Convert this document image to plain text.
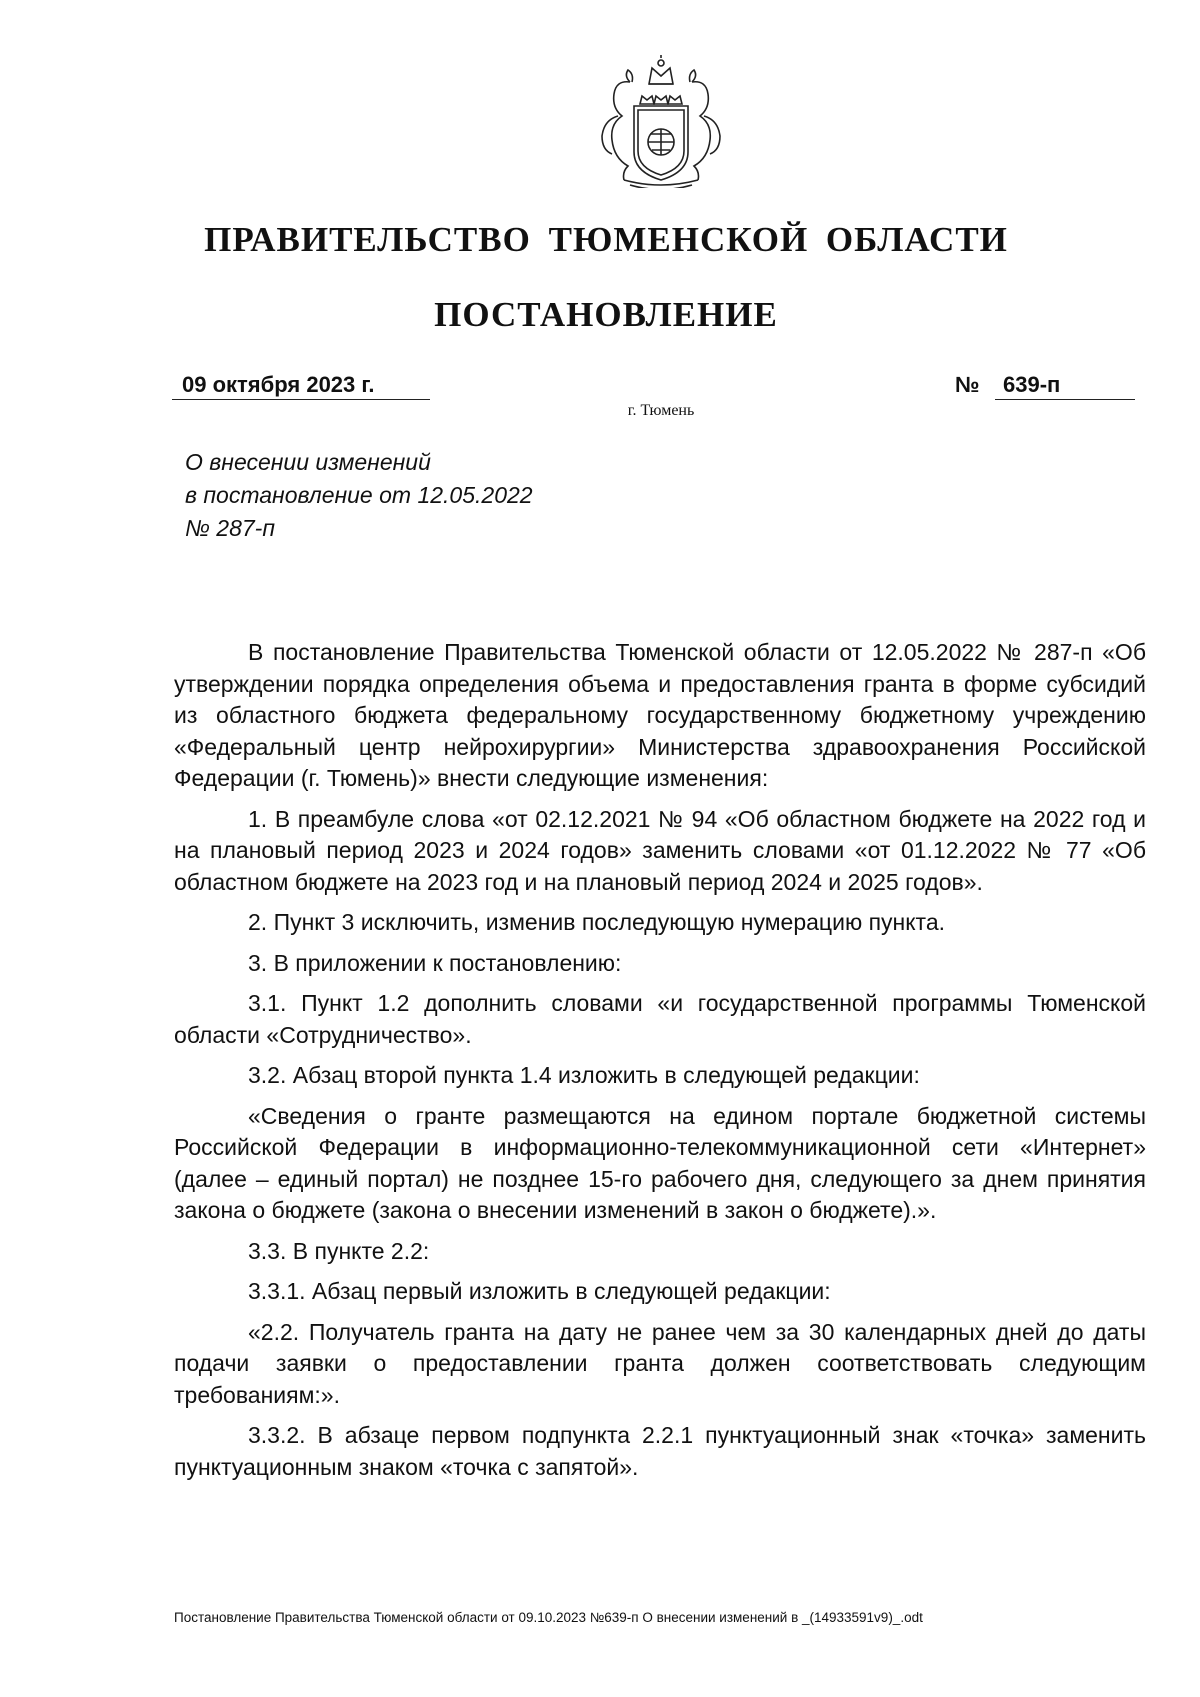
ПРАВИТЕЛЬСТВО ТЮМЕНСКОЙ ОБЛАСТИ
ПОСТАНОВЛЕНИЕ
09 октября 2023 г.	№	639-п
г. Тюмень
О внесении изменений
в постановление от 12.05.2022
№ 287-п

В постановление Правительства Тюменской области от 12.05.2022 № 287-п «Об утверждении порядка определения объема и предоставления гранта в форме субсидий из областного бюджета федеральному государственному бюджетному учреждению «Федеральный центр нейрохирургии» Министерства здравоохранения Российской Федерации (г. Тюмень)» внести следующие изменения:

1. В преамбуле слова «от 02.12.2021 № 94 «Об областном бюджете на 2022 год и на плановый период 2023 и 2024 годов» заменить словами «от 01.12.2022 № 77 «Об областном бюджете на 2023 год и на плановый период 2024 и 2025 годов».

2. Пункт 3 исключить, изменив последующую нумерацию пункта.

3. В приложении к постановлению:

3.1. Пункт 1.2 дополнить словами «и государственной программы Тюменской области «Сотрудничество».

3.2. Абзац второй пункта 1.4 изложить в следующей редакции:

«Сведения о гранте размещаются на едином портале бюджетной системы Российской Федерации в информационно-телекоммуникационной сети «Интернет» (далее – единый портал) не позднее 15-го рабочего дня, следующего за днем принятия закона о бюджете (закона о внесении изменений в закон о бюджете).».

3.3. В пункте 2.2:

3.3.1. Абзац первый изложить в следующей редакции:

«2.2. Получатель гранта на дату не ранее чем за 30 календарных дней до даты подачи заявки о предоставлении гранта должен соответствовать следующим требованиям:».

3.3.2. В абзаце первом подпункта 2.2.1 пунктуационный знак «точка» заменить пунктуационным знаком «точка с запятой».

Постановление Правительства Тюменской области от 09.10.2023 №639-п О внесении изменений в _(14933591v9)_.odt
